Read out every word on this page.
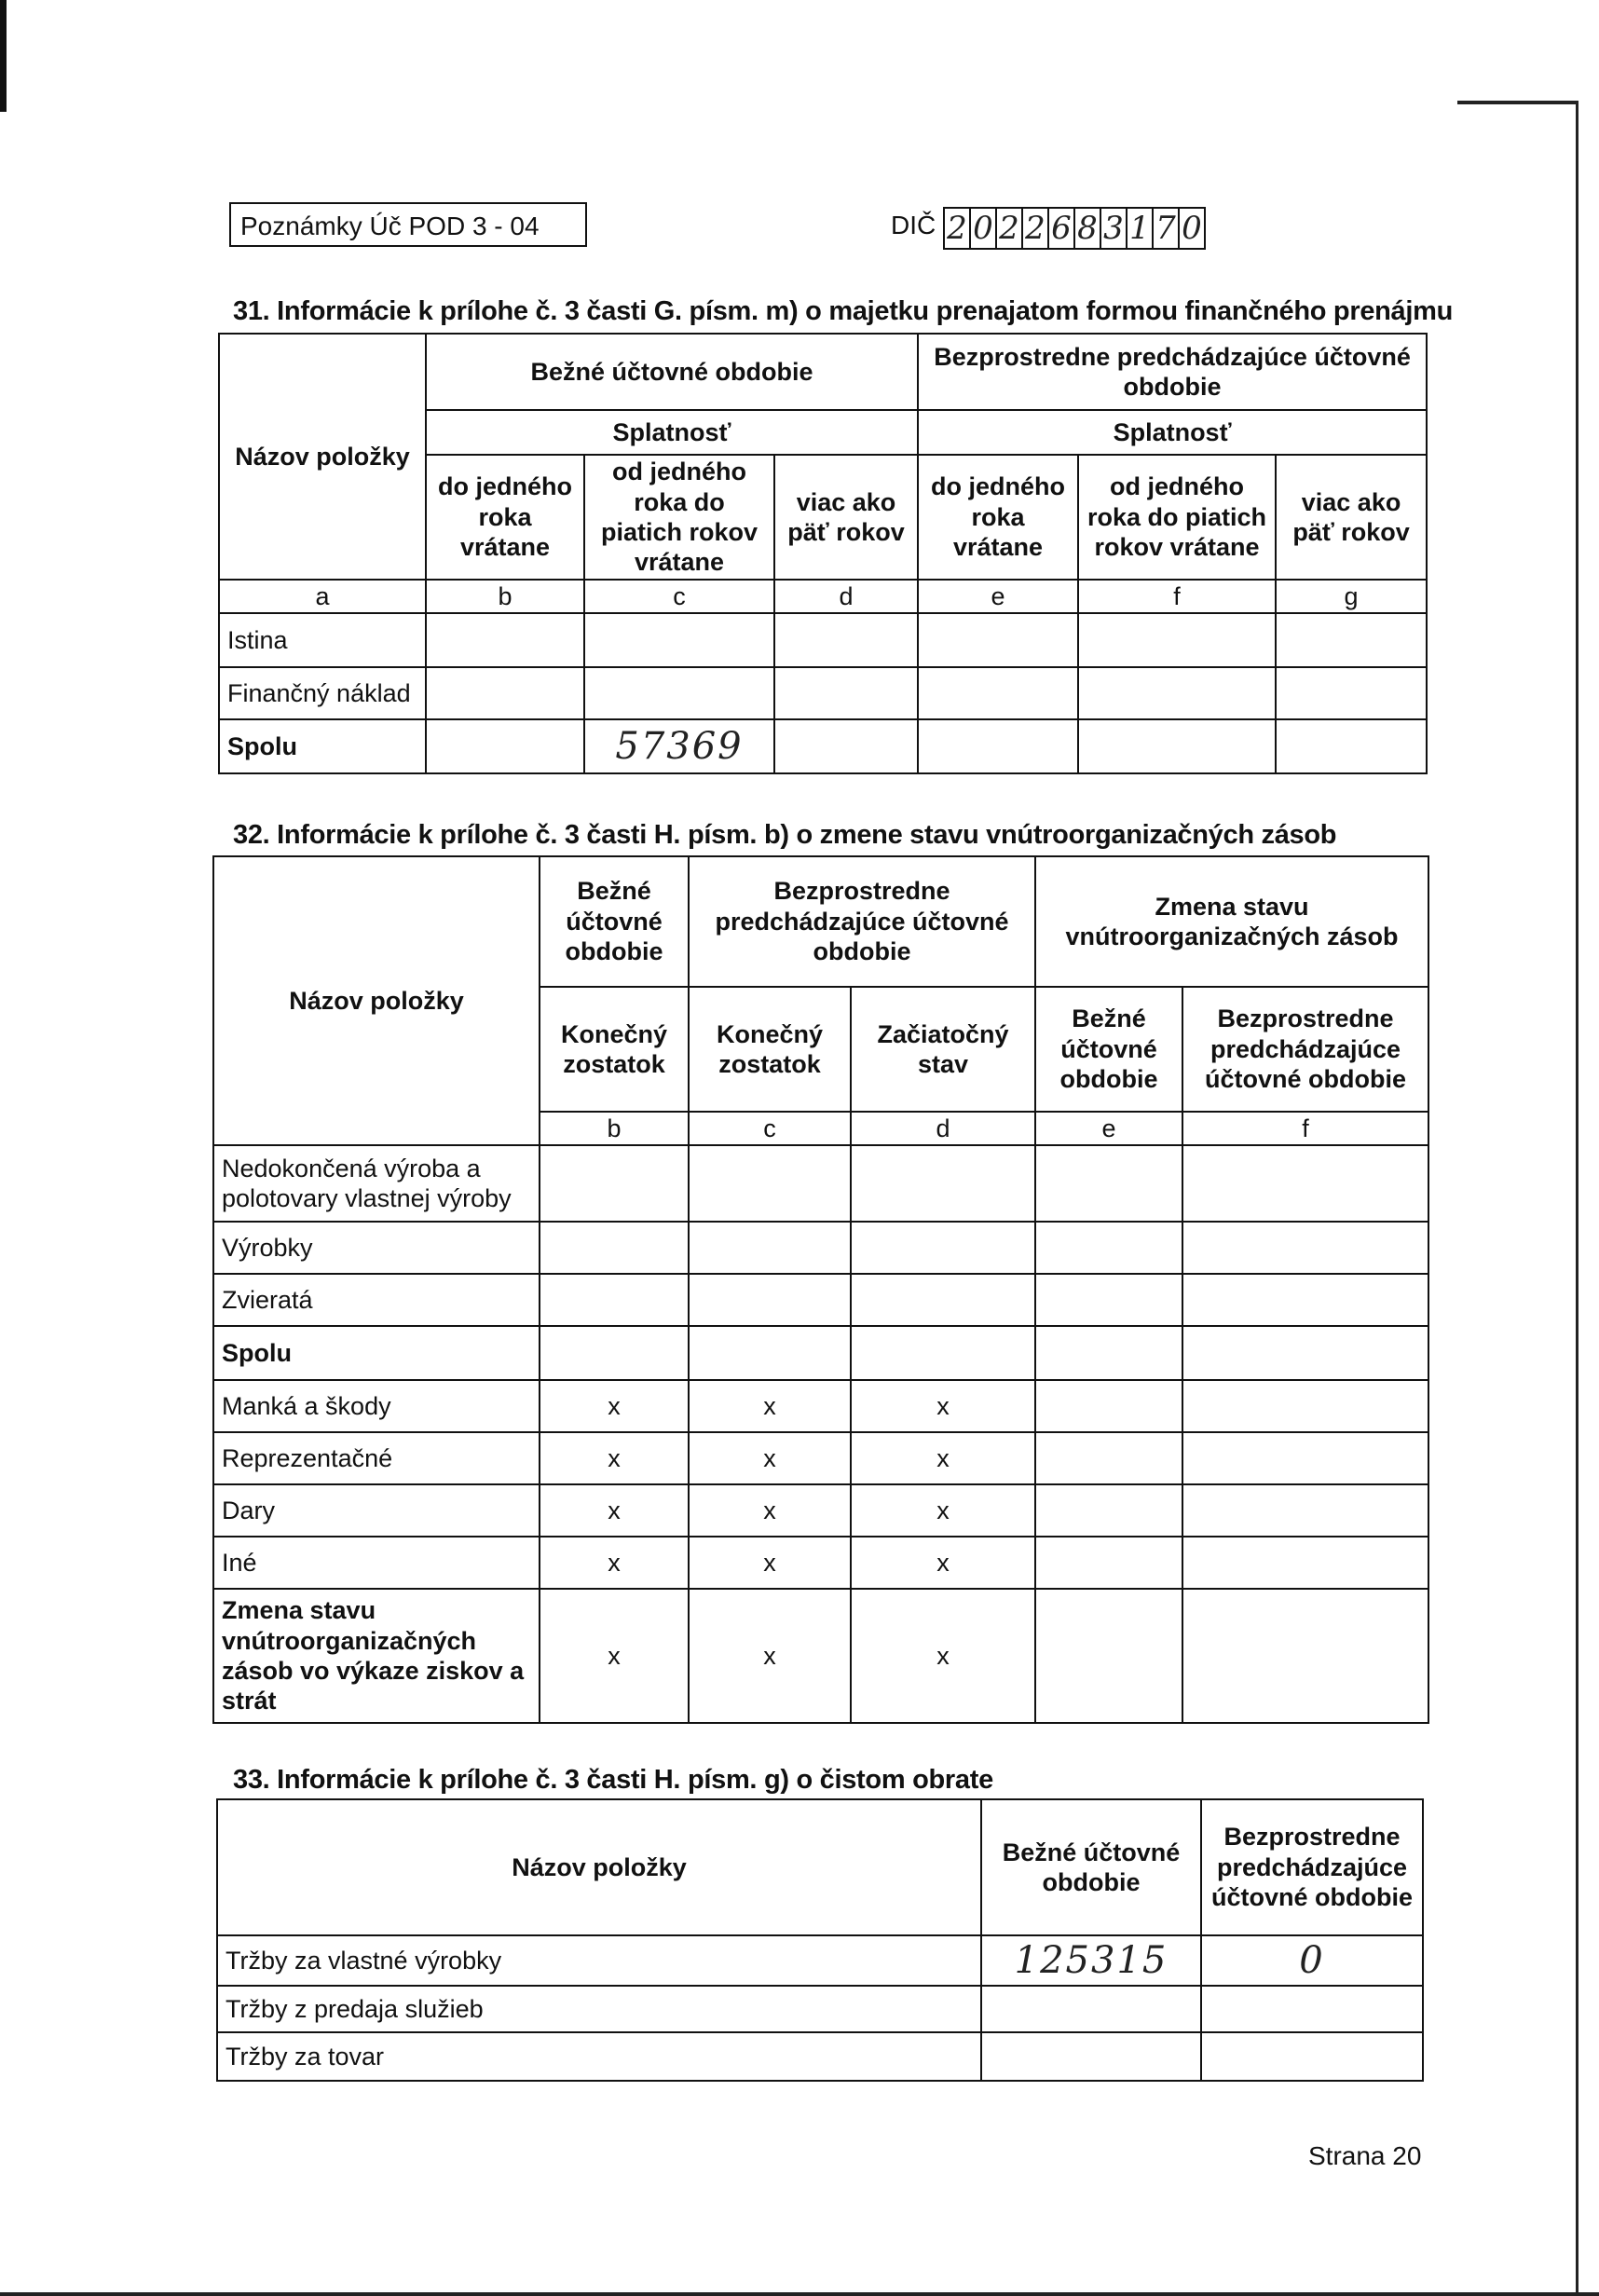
Poznámky Úč POD 3 - 04	DIČ 2 0 2 2 6 8 3 1 7 0
31. Informácie k prílohe č. 3 časti G. písm. m) o majetku prenajatom formou finančného prenájmu
Názov položky	Bežné účtovné obdobie			Bezprostredne predchádzajúce účtovné obdobie		
	Splatnosť			Splatnosť		
	do jedného roka vrátane	od jedného roka do piatich rokov vrátane	viac ako päť rokov	do jedného roka vrátane	od jedného roka do piatich rokov vrátane	viac ako päť rokov
a	b	c	d	e	f	g
Istina						
Finančný náklad						
Spolu		57369				
32. Informácie k prílohe č. 3 časti H. písm. b) o zmene stavu vnútroorganizačných zásob
Názov položky	Bežné účtovné obdobie	Bezprostredne predchádzajúce účtovné obdobie		Zmena stavu vnútroorganizačných zásob	
	Konečný zostatok	Konečný zostatok	Začiatočný stav	Bežné účtovné obdobie	Bezprostredne predchádzajúce účtovné obdobie
	b	c	d	e	f
Nedokončená výroba a polotovary vlastnej výroby					
Výrobky					
Zvieratá					
Spolu					
Manká a škody	x	x	x		
Reprezentačné	x	x	x		
Dary	x	x	x		
Iné	x	x	x		
Zmena stavu vnútroorganizačných zásob vo výkaze ziskov a strát	x	x	x		
33. Informácie k prílohe č. 3 časti H. písm. g) o čistom obrate
Názov položky	Bežné účtovné obdobie	Bezprostredne predchádzajúce účtovné obdobie
Tržby za vlastné výrobky	125315	0
Tržby z predaja služieb		
Tržby za tovar		
Strana 20
